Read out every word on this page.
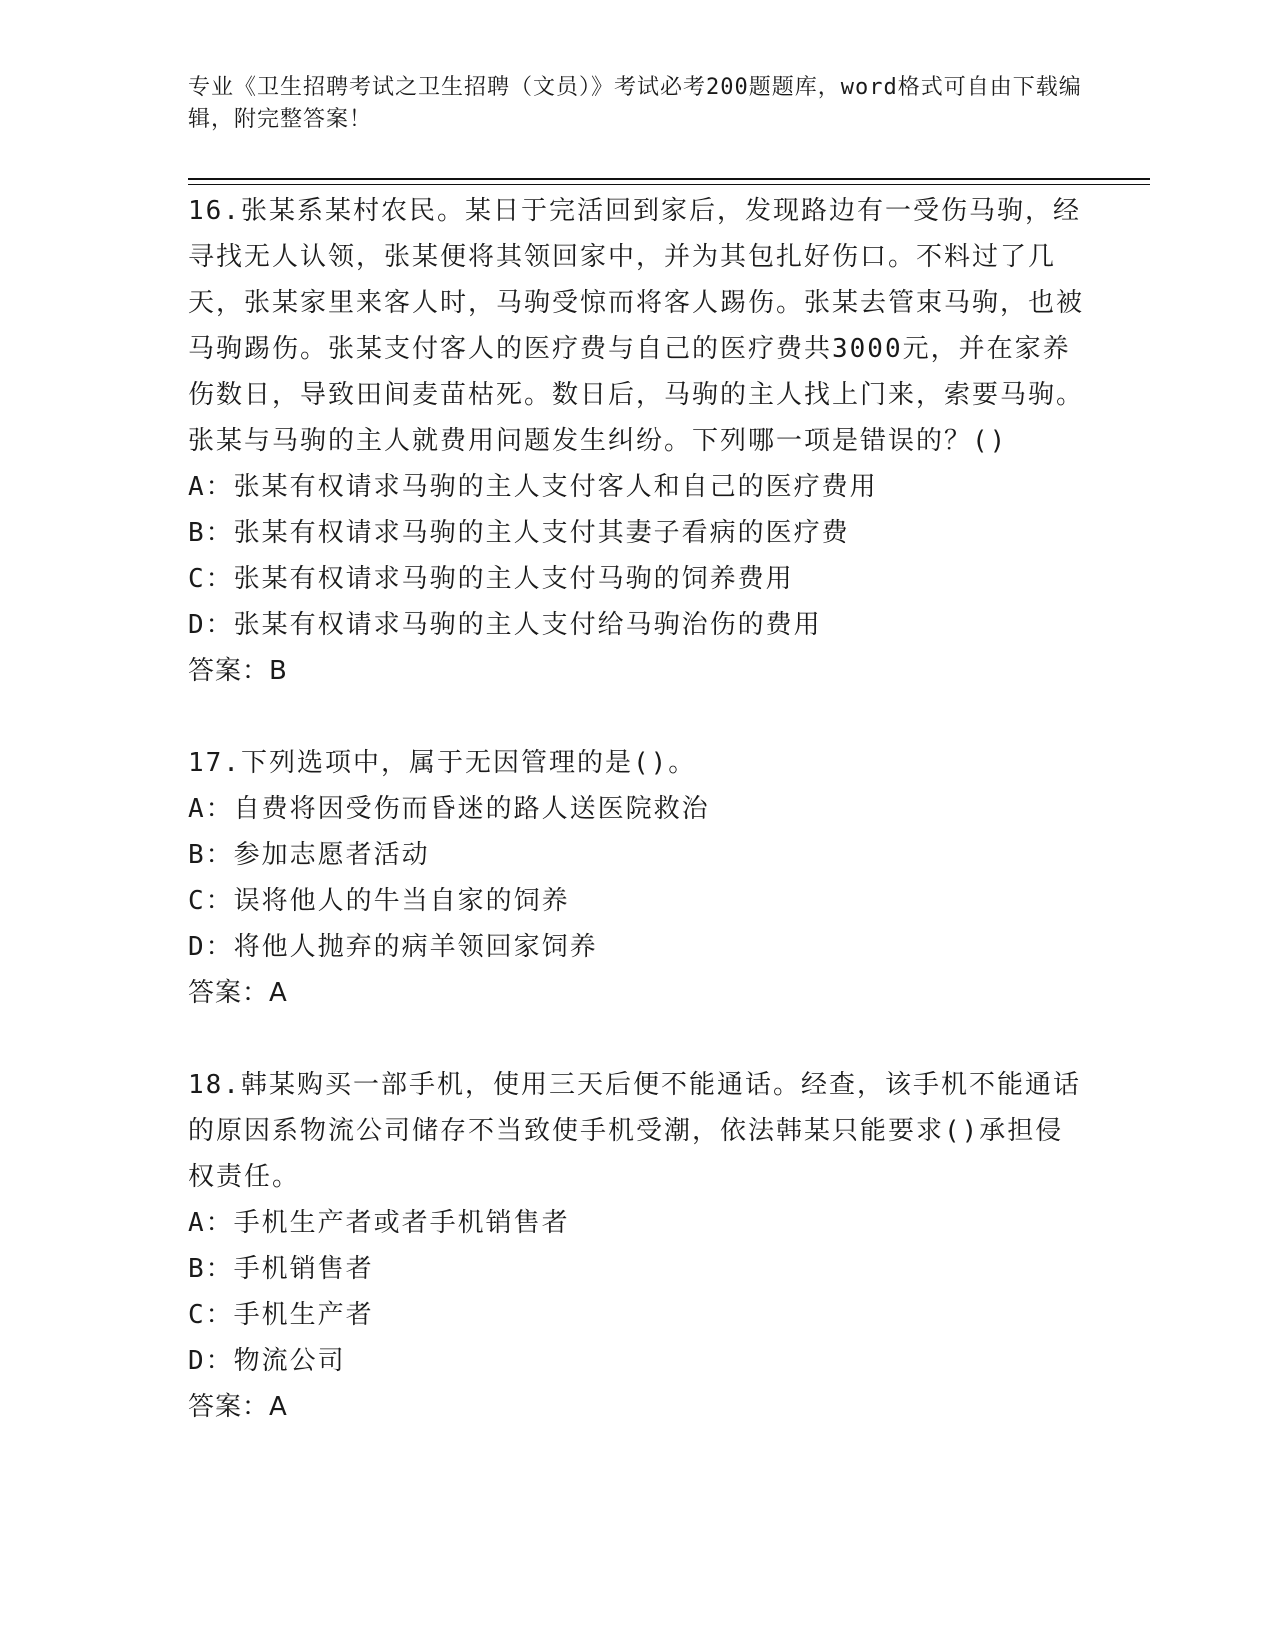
专业《卫生招聘考试之卫生招聘（文员）》考试必考200题题库，word格式可自由下载编辑，附完整答案！

16.张某系某村农民。某日于完活回到家后，发现路边有一受伤马驹，经寻找无人认领，张某便将其领回家中，并为其包扎好伤口。不料过了几天，张某家里来客人时，马驹受惊而将客人踢伤。张某去管束马驹，也被马驹踢伤。张某支付客人的医疗费与自己的医疗费共3000元，并在家养伤数日，导致田间麦苗枯死。数日后，马驹的主人找上门来，索要马驹。张某与马驹的主人就费用问题发生纠纷。下列哪一项是错误的？()

A：张某有权请求马驹的主人支付客人和自己的医疗费用

B：张某有权请求马驹的主人支付其妻子看病的医疗费

C：张某有权请求马驹的主人支付马驹的饲养费用

D：张某有权请求马驹的主人支付给马驹治伤的费用

答案：B

17.下列选项中，属于无因管理的是()。

A：自费将因受伤而昏迷的路人送医院救治

B：参加志愿者活动

C：误将他人的牛当自家的饲养

D：将他人抛弃的病羊领回家饲养

答案：A

18.韩某购买一部手机，使用三天后便不能通话。经查，该手机不能通话的原因系物流公司储存不当致使手机受潮，依法韩某只能要求()承担侵权责任。

A：手机生产者或者手机销售者

B：手机销售者

C：手机生产者

D：物流公司

答案：A
